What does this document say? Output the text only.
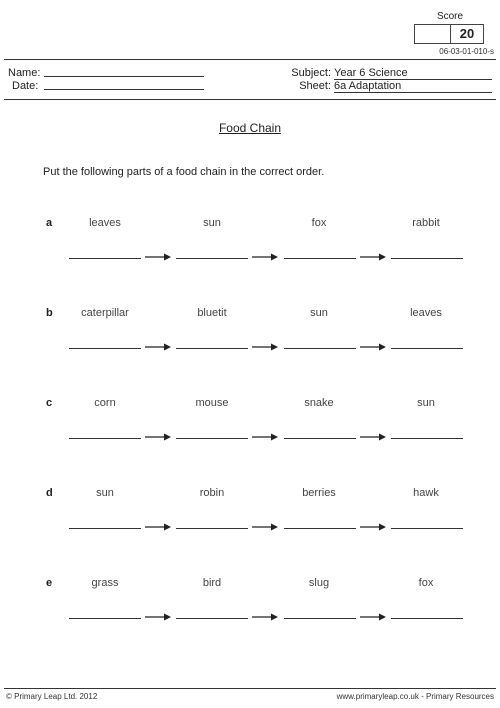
Score
20
06-03-01-010-s
Name:
Date:
Subject: Year 6 Science
Sheet: 6a Adaptation
Food Chain
Put the following parts of a food chain in the correct order.
a	leaves	sun	fox	rabbit
b	caterpillar	bluetit	sun	leaves
c	corn	mouse	snake	sun
d	sun	robin	berries	hawk
e	grass	bird	slug	fox
© Primary Leap Ltd. 2012	www.primaryleap.co.uk - Primary Resources
